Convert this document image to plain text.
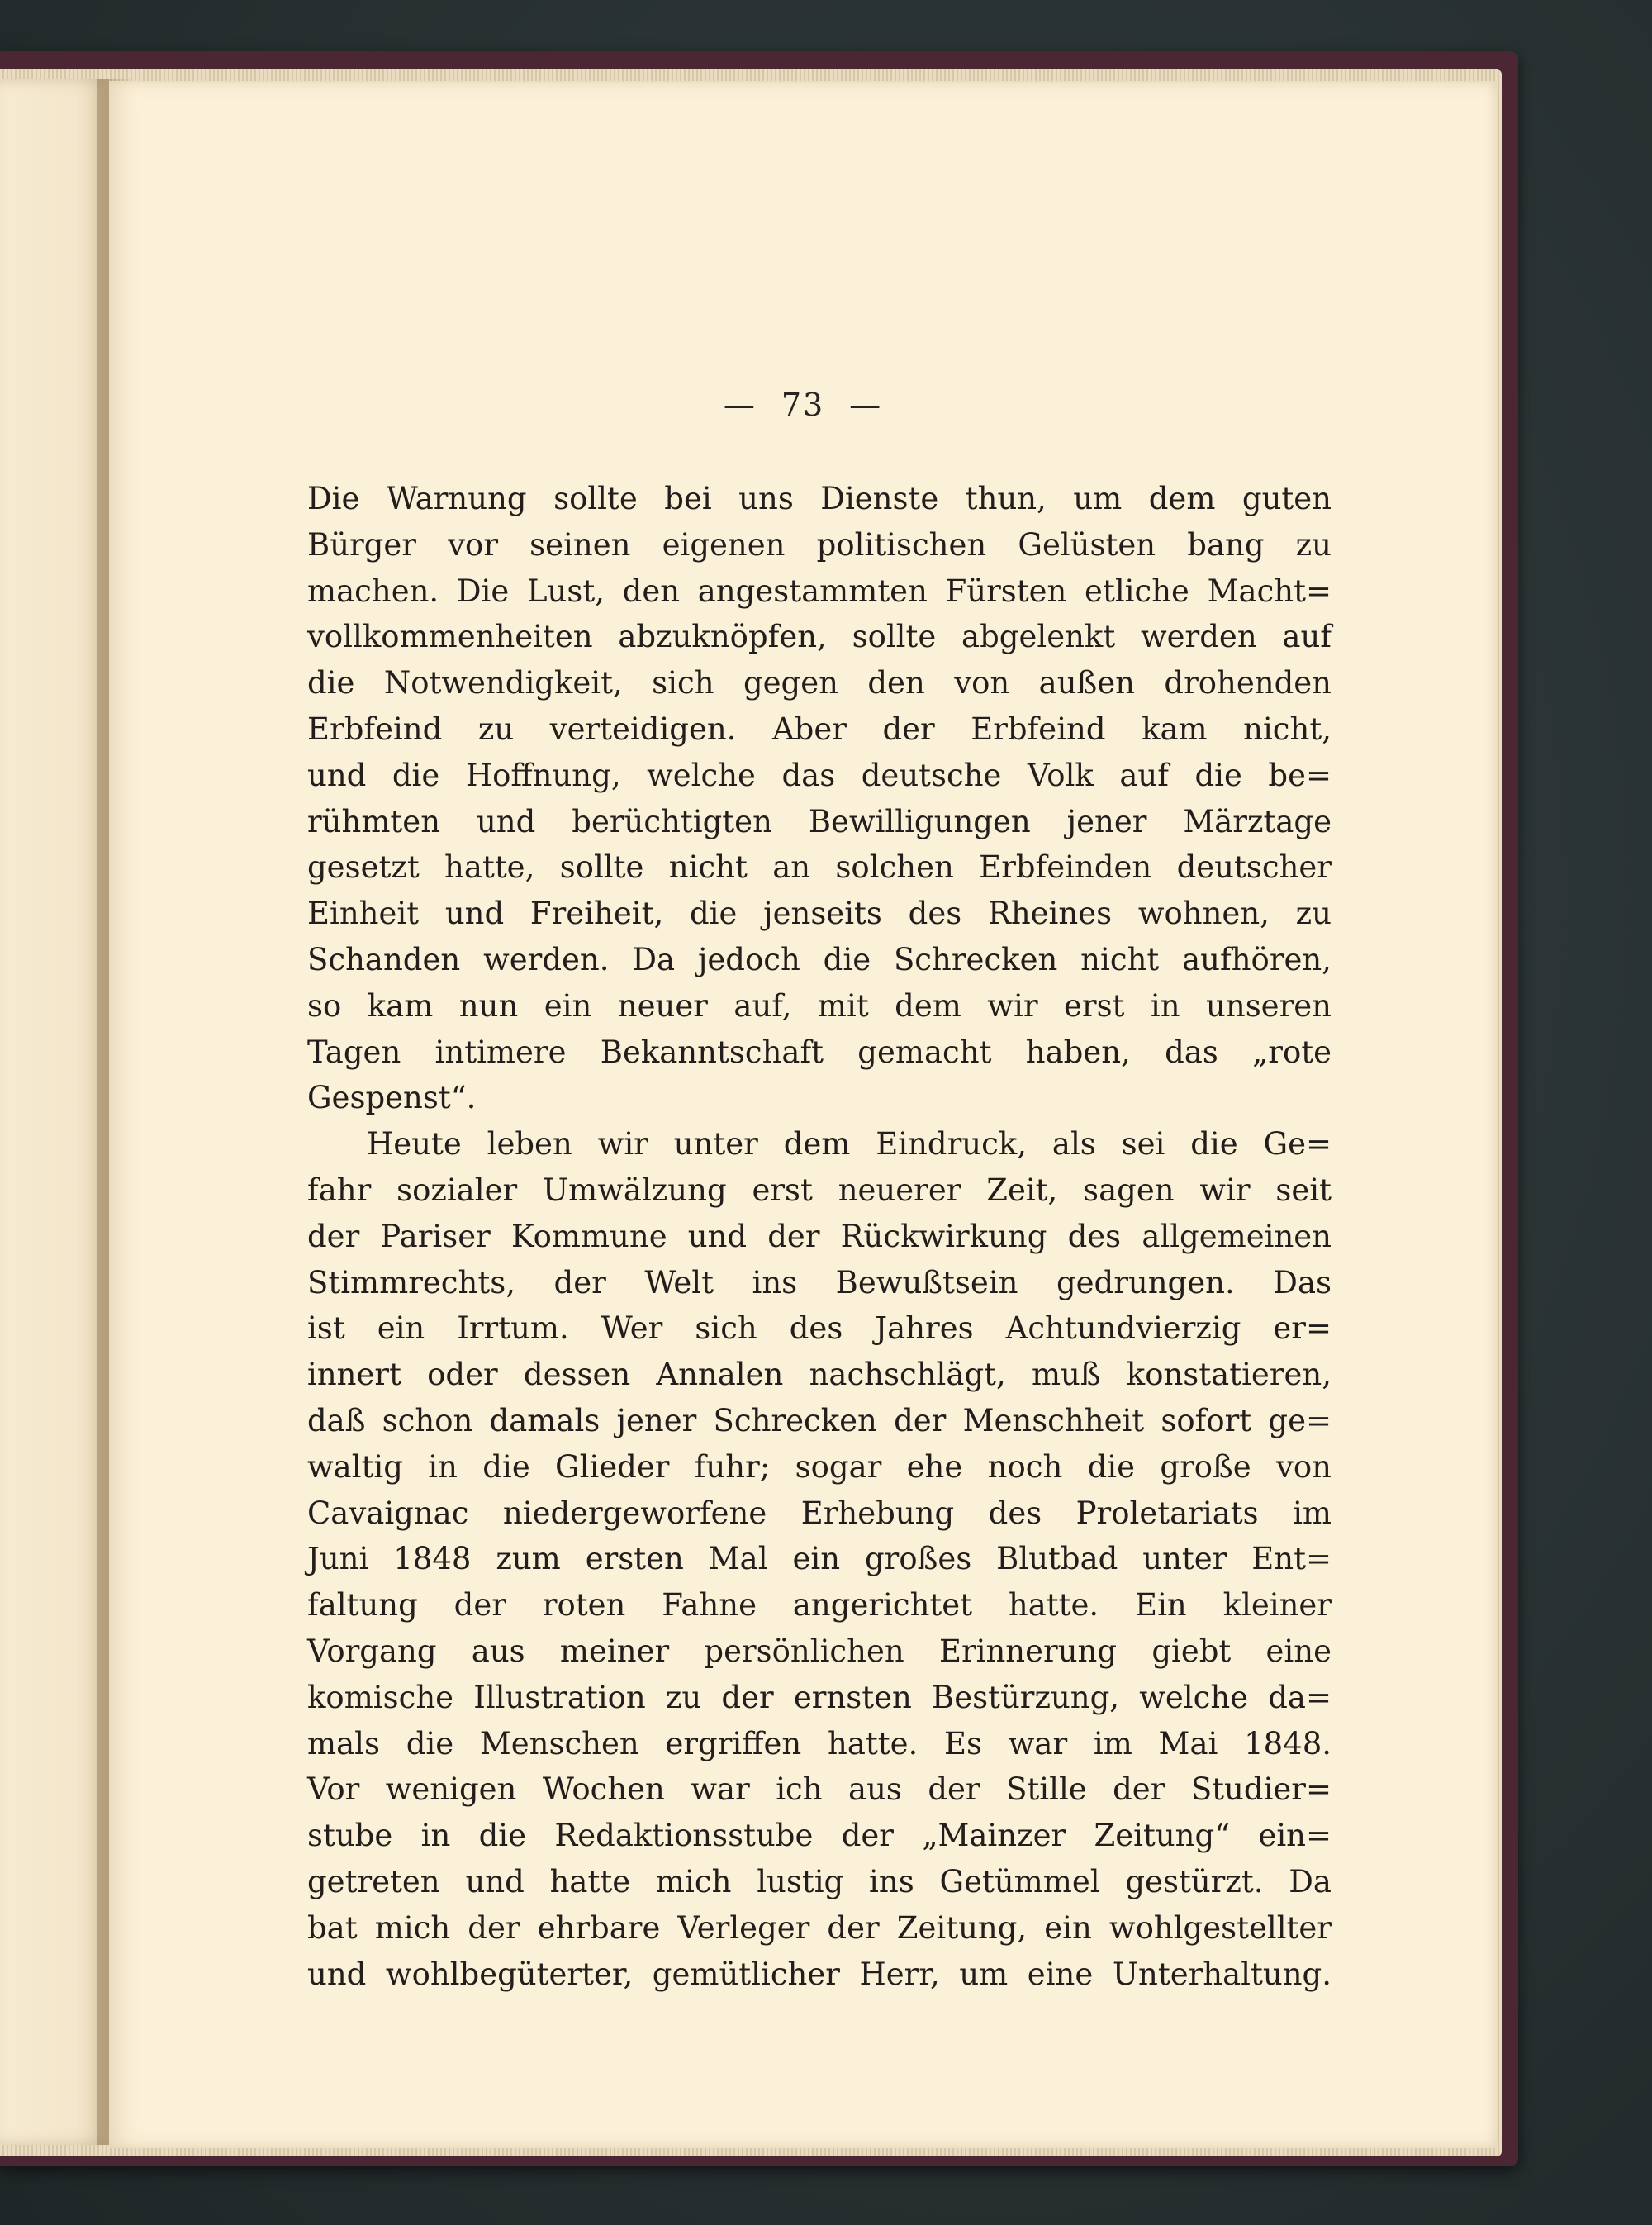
— 73 —
Die Warnung sollte bei uns Dienste thun, um dem guten
Bürger vor seinen eigenen politischen Gelüsten bang zu
machen. Die Lust, den angestammten Fürsten etliche Macht=
vollkommenheiten abzuknöpfen, sollte abgelenkt werden auf
die Notwendigkeit, sich gegen den von außen drohenden
Erbfeind zu verteidigen. Aber der Erbfeind kam nicht,
und die Hoffnung, welche das deutsche Volk auf die be=
rühmten und berüchtigten Bewilligungen jener Märztage
gesetzt hatte, sollte nicht an solchen Erbfeinden deutscher
Einheit und Freiheit, die jenseits des Rheines wohnen, zu
Schanden werden. Da jedoch die Schrecken nicht aufhören,
so kam nun ein neuer auf, mit dem wir erst in unseren
Tagen intimere Bekanntschaft gemacht haben, das „rote
Gespenst“.
Heute leben wir unter dem Eindruck, als sei die Ge=
fahr sozialer Umwälzung erst neuerer Zeit, sagen wir seit
der Pariser Kommune und der Rückwirkung des allgemeinen
Stimmrechts, der Welt ins Bewußtsein gedrungen. Das
ist ein Irrtum. Wer sich des Jahres Achtundvierzig er=
innert oder dessen Annalen nachschlägt, muß konstatieren,
daß schon damals jener Schrecken der Menschheit sofort ge=
waltig in die Glieder fuhr; sogar ehe noch die große von
Cavaignac niedergeworfene Erhebung des Proletariats im
Juni 1848 zum ersten Mal ein großes Blutbad unter Ent=
faltung der roten Fahne angerichtet hatte. Ein kleiner
Vorgang aus meiner persönlichen Erinnerung giebt eine
komische Illustration zu der ernsten Bestürzung, welche da=
mals die Menschen ergriffen hatte. Es war im Mai 1848.
Vor wenigen Wochen war ich aus der Stille der Studier=
stube in die Redaktionsstube der „Mainzer Zeitung“ ein=
getreten und hatte mich lustig ins Getümmel gestürzt. Da
bat mich der ehrbare Verleger der Zeitung, ein wohlgestellter
und wohlbegüterter, gemütlicher Herr, um eine Unterhaltung.
